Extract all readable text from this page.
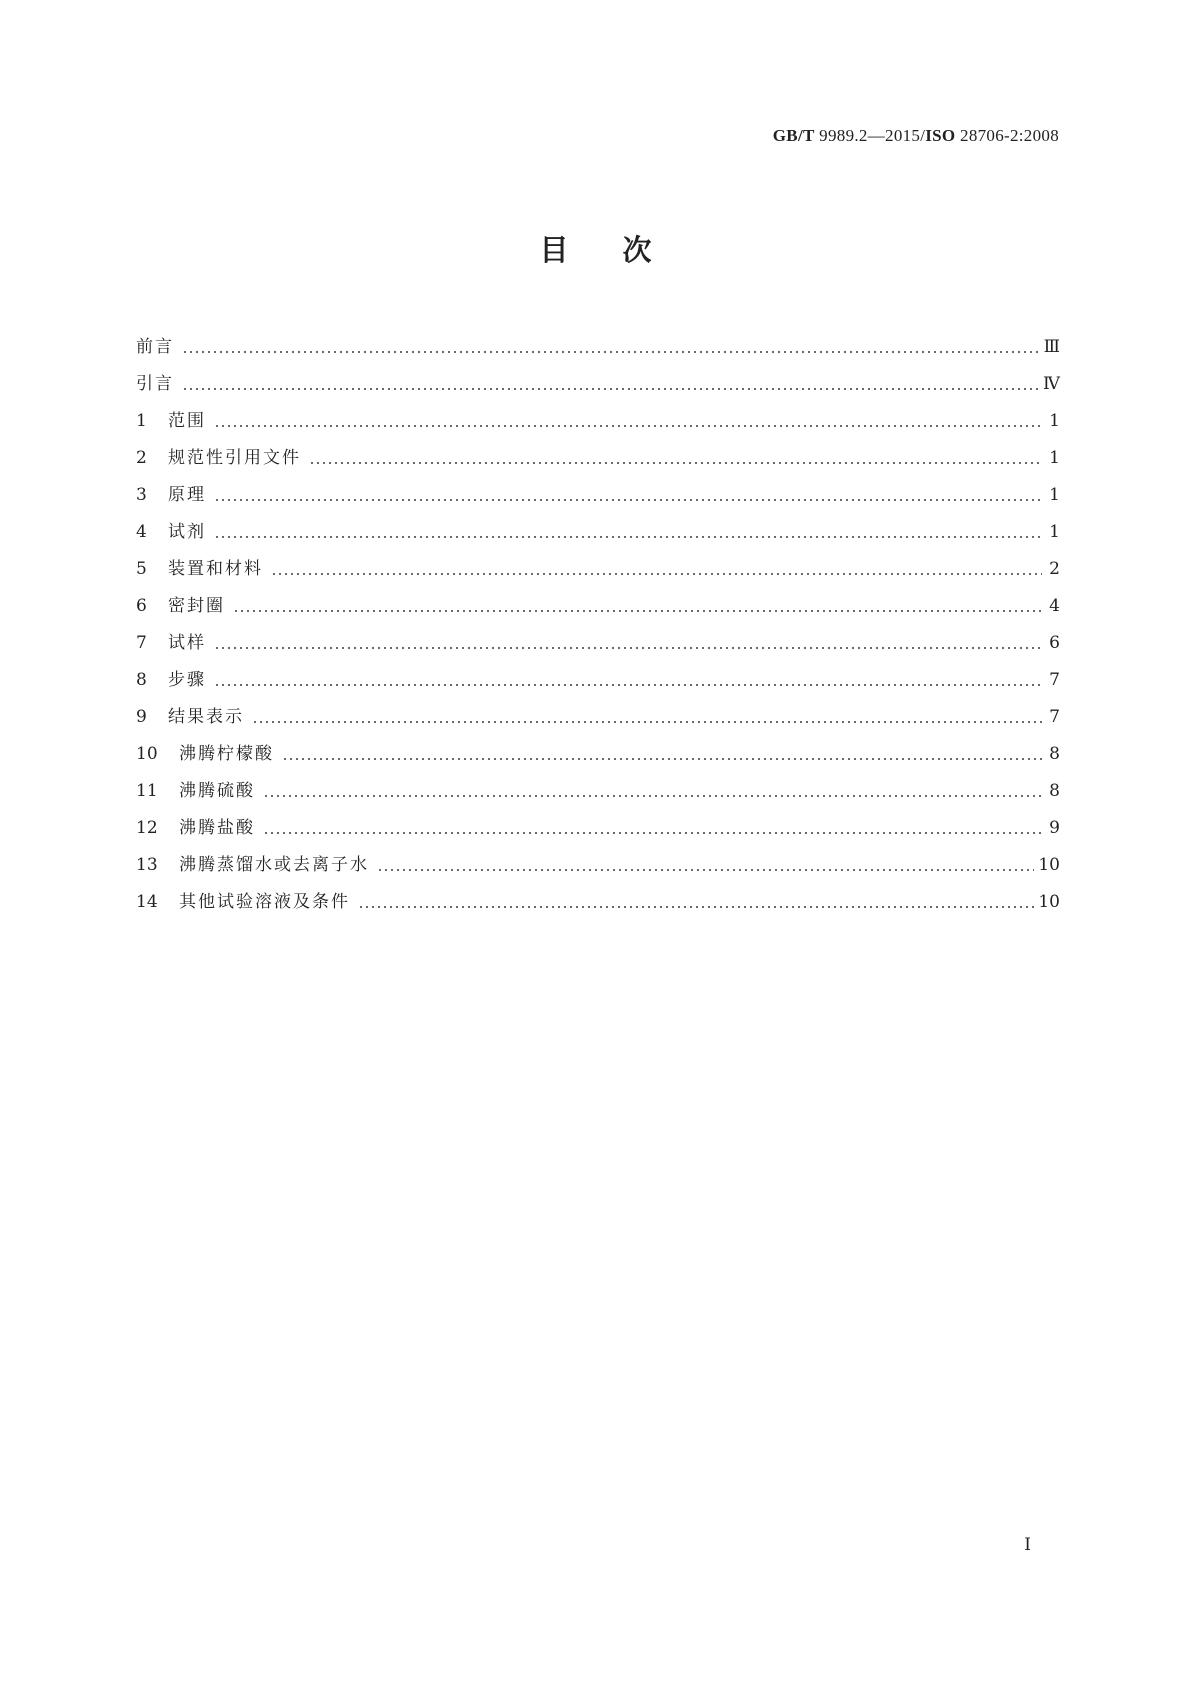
GB/T 9989.2—2015/ISO 28706-2:2008
目次
前言	Ⅲ
引言	Ⅳ
1	范围	1
2	规范性引用文件	1
3	原理	1
4	试剂	1
5	装置和材料	2
6	密封圈	4
7	试样	6
8	步骤	7
9	结果表示	7
10	沸腾柠檬酸	8
11	沸腾硫酸	8
12	沸腾盐酸	9
13	沸腾蒸馏水或去离子水	10
14	其他试验溶液及条件	10
I
